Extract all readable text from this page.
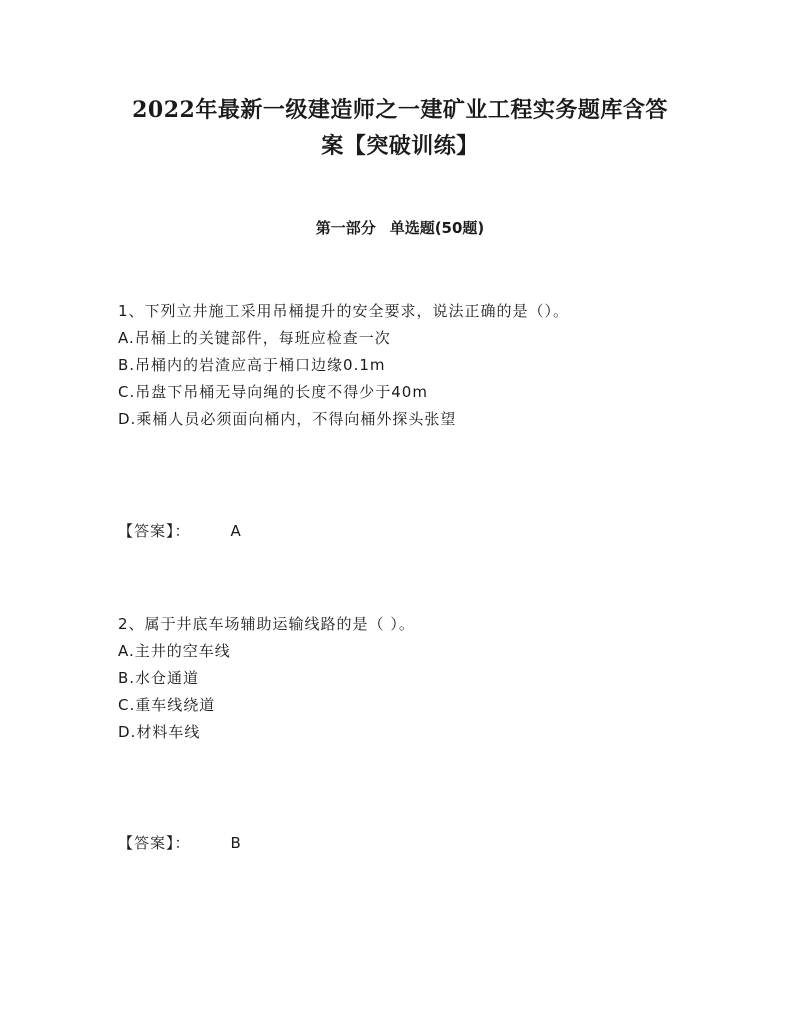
2022年最新一级建造师之一建矿业工程实务题库含答
案【突破训练】
第一部分 单选题(50题)
1、下列立井施工采用吊桶提升的安全要求，说法正确的是（）。
A.吊桶上的关键部件，每班应检查一次
B.吊桶内的岩渣应高于桶口边缘0.1m
C.吊盘下吊桶无导向绳的长度不得少于40m
D.乘桶人员必须面向桶内，不得向桶外探头张望
【答案】：	A
2、属于井底车场辅助运输线路的是（ ）。
A.主井的空车线
B.水仓通道
C.重车线绕道
D.材料车线
【答案】：	B
